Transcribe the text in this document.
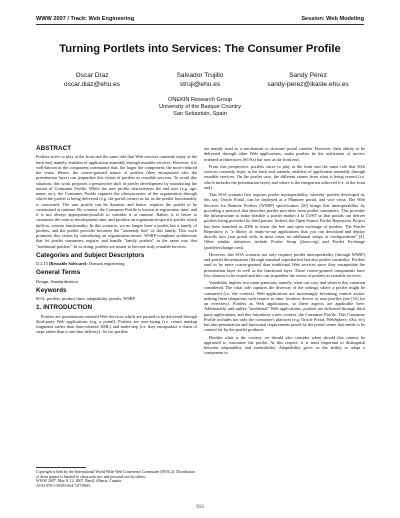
WWW 2007 / Track: Web Engineering	Session: Web Modeling
Turning Portlets into Services: The Consumer Profile
Oscar Díaz
oscar.diaz@ehu.es
Salvador Trujillo
struji@ehu.es
Sandy Pérez
sandy-perez@ikasle.ehu.es
ONEKIN Research Group
University of the Basque Country
San Sebastián, Spain
ABSTRACT

Portlets strive to play at the front end the same role that Web services currently enjoy at the back end, namely, enablers of application assembly through reusable services. However, it is well-known in the component community that, the larger the component, the more reduced the reuse. Hence, the coarse-grained nature of portlets (they encapsulate also the presentation layer) can jeopardize this vision of portlets as reusable services. To avoid this situation, this work proposes a perspective shift in portlet development by introducing the notion of Consumer Profile. While the user profile characterizes the end user (e.g. age, name, etc), the Consumer Profile captures the idiosyncrasies of the organization through which the portlet is being delivered (e.g. the portal owner) as far as the portlet functionality is concerned. The user profile can be dynamic and hence, requires the portlet to be customized at runtime. By contrast, the Consumer Profile is known at registration time, and it is not always appropriate/possible to consider it at runtime. Rather, it is better to customize the code at development time, and produce an organization-specific portlet which built-in, custom functionality. In this scenario, we no longer have a portlet but a family of portlets, and the portlet provider becomes the "assembly line" of this family. This work promotes this vision by introducing an organization-aware, WSRP-compliant architecture that let portlet consumers registry and handle "family portlets" in the same way that "traditional portlets". In so doing, portlets are nearer to become truly reusable services.

Categories and Subject Descriptors

D.2.13 [Reusable Software]: Domain engineering

General Terms

Design, Standardization

Keywords

SOA, portlets, product lines, adaptability, portals, WSRP

1. INTRODUCTION

Portlets are presentation-oriented Web Services which are packed to be delivered through third-party Web applications (e.g. a portal). Portlets are user-facing (i.e. return markup fragments rather than data-oriented XML) and multi-step (i.e. they encapsulate a chain of steps rather than a one-shot delivery). So far, portlets

Copyright is held by the International World Wide Web Conference Committee (IW3C2). Distribution of these papers is limited to classroom use, and personal use by others.
WWW 2007, May 8–12, 2007, Banff, Alberta, Canada.
ACM 978-1-59593-654-7/07/0005.

are mainly used as a mechanism to structure portal content. However, their ability to be delivered through other Web applications, make portlets be the realization of service oriented architectures (SOAs) but now at the front end.

From this perspective, portlets strive to play at the front end the same role that Web services currently enjoy at the back end, namely, enablers of application assembly through reusable services. On the portlet case, the different stones from what is being reused (i.e. which includes the presentation layer) and where is the integration achieved (i.e. at the front end).

This SOA scenario first requires portlet interoperability, whereby portlets developed in, lets say, Oracle Portal, can be deployed at a Plumtree portal, and vice versa. The Web Services for Remote Portlets (WSRP) specification [20] brings this interoperability by providing a protocol that describes portlet providers from portlet consumers. This provides the infrastructure to make feasible a portlet market à la COST so that portals can deliver portlets being provided by third parties. Indeed, the Open Source Portlet Repository Project has been launched in 2006 to foster the free and open exchange of portlets. The Portlet Repository is "a library of ready-to-run applications that you can download and deploy directly into your portal with, in most cases, no additional setups or configurations" [4]. Other similar initiatives include Portlet Swap (jboss.org) and Portlet Exchange (portletexchange.com).

However, this SOA scenario not only requires portlet interoperability (through WSRP) and portlet dissemination (through standard repositories) but also portlet variability. Portlets tend to be more coarse-grained than traditional Web services since they encapsulate the presentation layer as well as the functional layer. These coarse-grained components have less chances to be reused and this can jeopardize the vision of portlets as reusable services.

Variability implies two main questions, namely, what can vary and when is this variation considered. The what side captures the diversity of the settings where a portlet might be consumed (i.e. the context). Web applications are increasingly becoming context aware, making them ubiquitous with respect to time, location, device or user profiles (see [16] for an overview). Portlets as Web applications, so these aspects are applicable here. Additionally, and unlike "traditional" Web applications, portlets are delivered through third party applications, and this introduces a new context: the Consumer Profile. This Consumer Profile includes not only the consumer's platform (e.g. Oracle Portal, WebSphere, eXo, etc) but also presentation and functional requirements posed by the portal owner that needs to be catered for by the portlet producer.

Besides what is the context, we should also consider when should this context be appraised to customize the portlet. At this respect, it is most important to distinguish between adaptability and extensibility. Adaptability gives us the ability to adapt a component to

913
